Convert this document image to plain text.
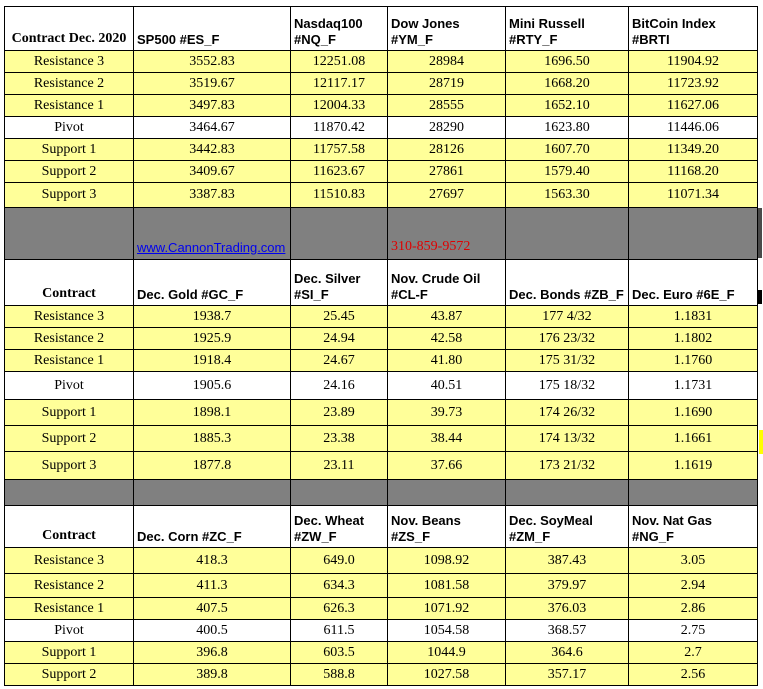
Contract Dec. 2020	SP500 #ES_F	Nasdaq100 #NQ_F	Dow Jones #YM_F	Mini Russell #RTY_F	BitCoin Index #BRTI
Resistance 3	3552.83	12251.08	28984	1696.50	11904.92
Resistance 2	3519.67	12117.17	28719	1668.20	11723.92
Resistance 1	3497.83	12004.33	28555	1652.10	11627.06
Pivot	3464.67	11870.42	28290	1623.80	11446.06
Support 1	3442.83	11757.58	28126	1607.70	11349.20
Support 2	3409.67	11623.67	27861	1579.40	11168.20
Support 3	3387.83	11510.83	27697	1563.30	11071.34
	www.CannonTrading.com		310-859-9572		
Contract	Dec. Gold #GC_F	Dec. Silver #SI_F	Nov. Crude Oil #CL-F	Dec. Bonds #ZB_F	Dec. Euro #6E_F
Resistance 3	1938.7	25.45	43.87	177 4/32	1.1831
Resistance 2	1925.9	24.94	42.58	176 23/32	1.1802
Resistance 1	1918.4	24.67	41.80	175 31/32	1.1760
Pivot	1905.6	24.16	40.51	175 18/32	1.1731
Support 1	1898.1	23.89	39.73	174 26/32	1.1690
Support 2	1885.3	23.38	38.44	174 13/32	1.1661
Support 3	1877.8	23.11	37.66	173 21/32	1.1619

Contract	Dec. Corn #ZC_F	Dec. Wheat #ZW_F	Nov. Beans #ZS_F	Dec. SoyMeal #ZM_F	Nov. Nat Gas #NG_F
Resistance 3	418.3	649.0	1098.92	387.43	3.05
Resistance 2	411.3	634.3	1081.58	379.97	2.94
Resistance 1	407.5	626.3	1071.92	376.03	2.86
Pivot	400.5	611.5	1054.58	368.57	2.75
Support 1	396.8	603.5	1044.9	364.6	2.7
Support 2	389.8	588.8	1027.58	357.17	2.56
